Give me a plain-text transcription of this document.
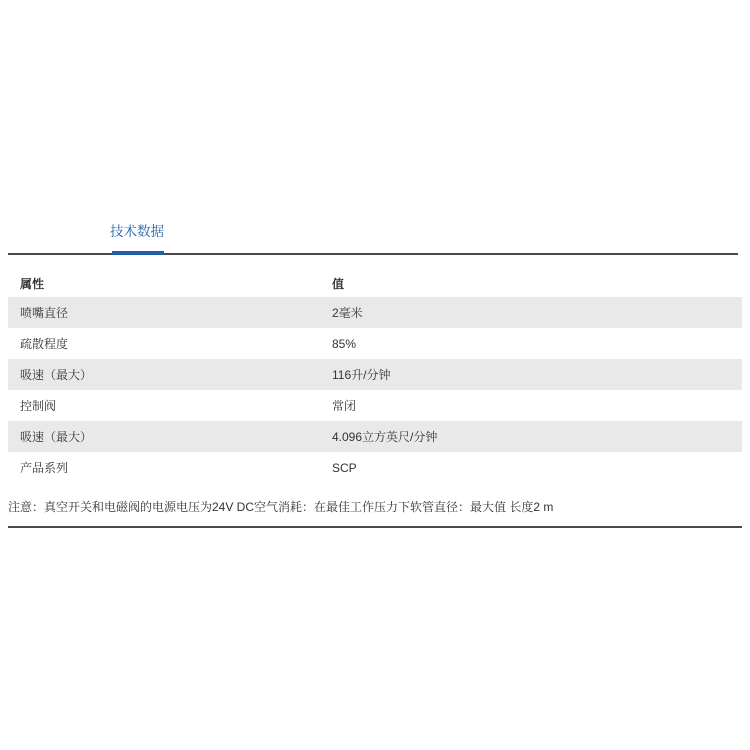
技术数据
属性	值
喷嘴直径	2毫米
疏散程度	85%
吸速（最大）	116升/分钟
控制阀	常闭
吸速（最大）	4.096立方英尺/分钟
产品系列	SCP
注意：真空开关和电磁阀的电源电压为24V DC空气消耗：在最佳工作压力下软管直径：最大值 长度2 m
